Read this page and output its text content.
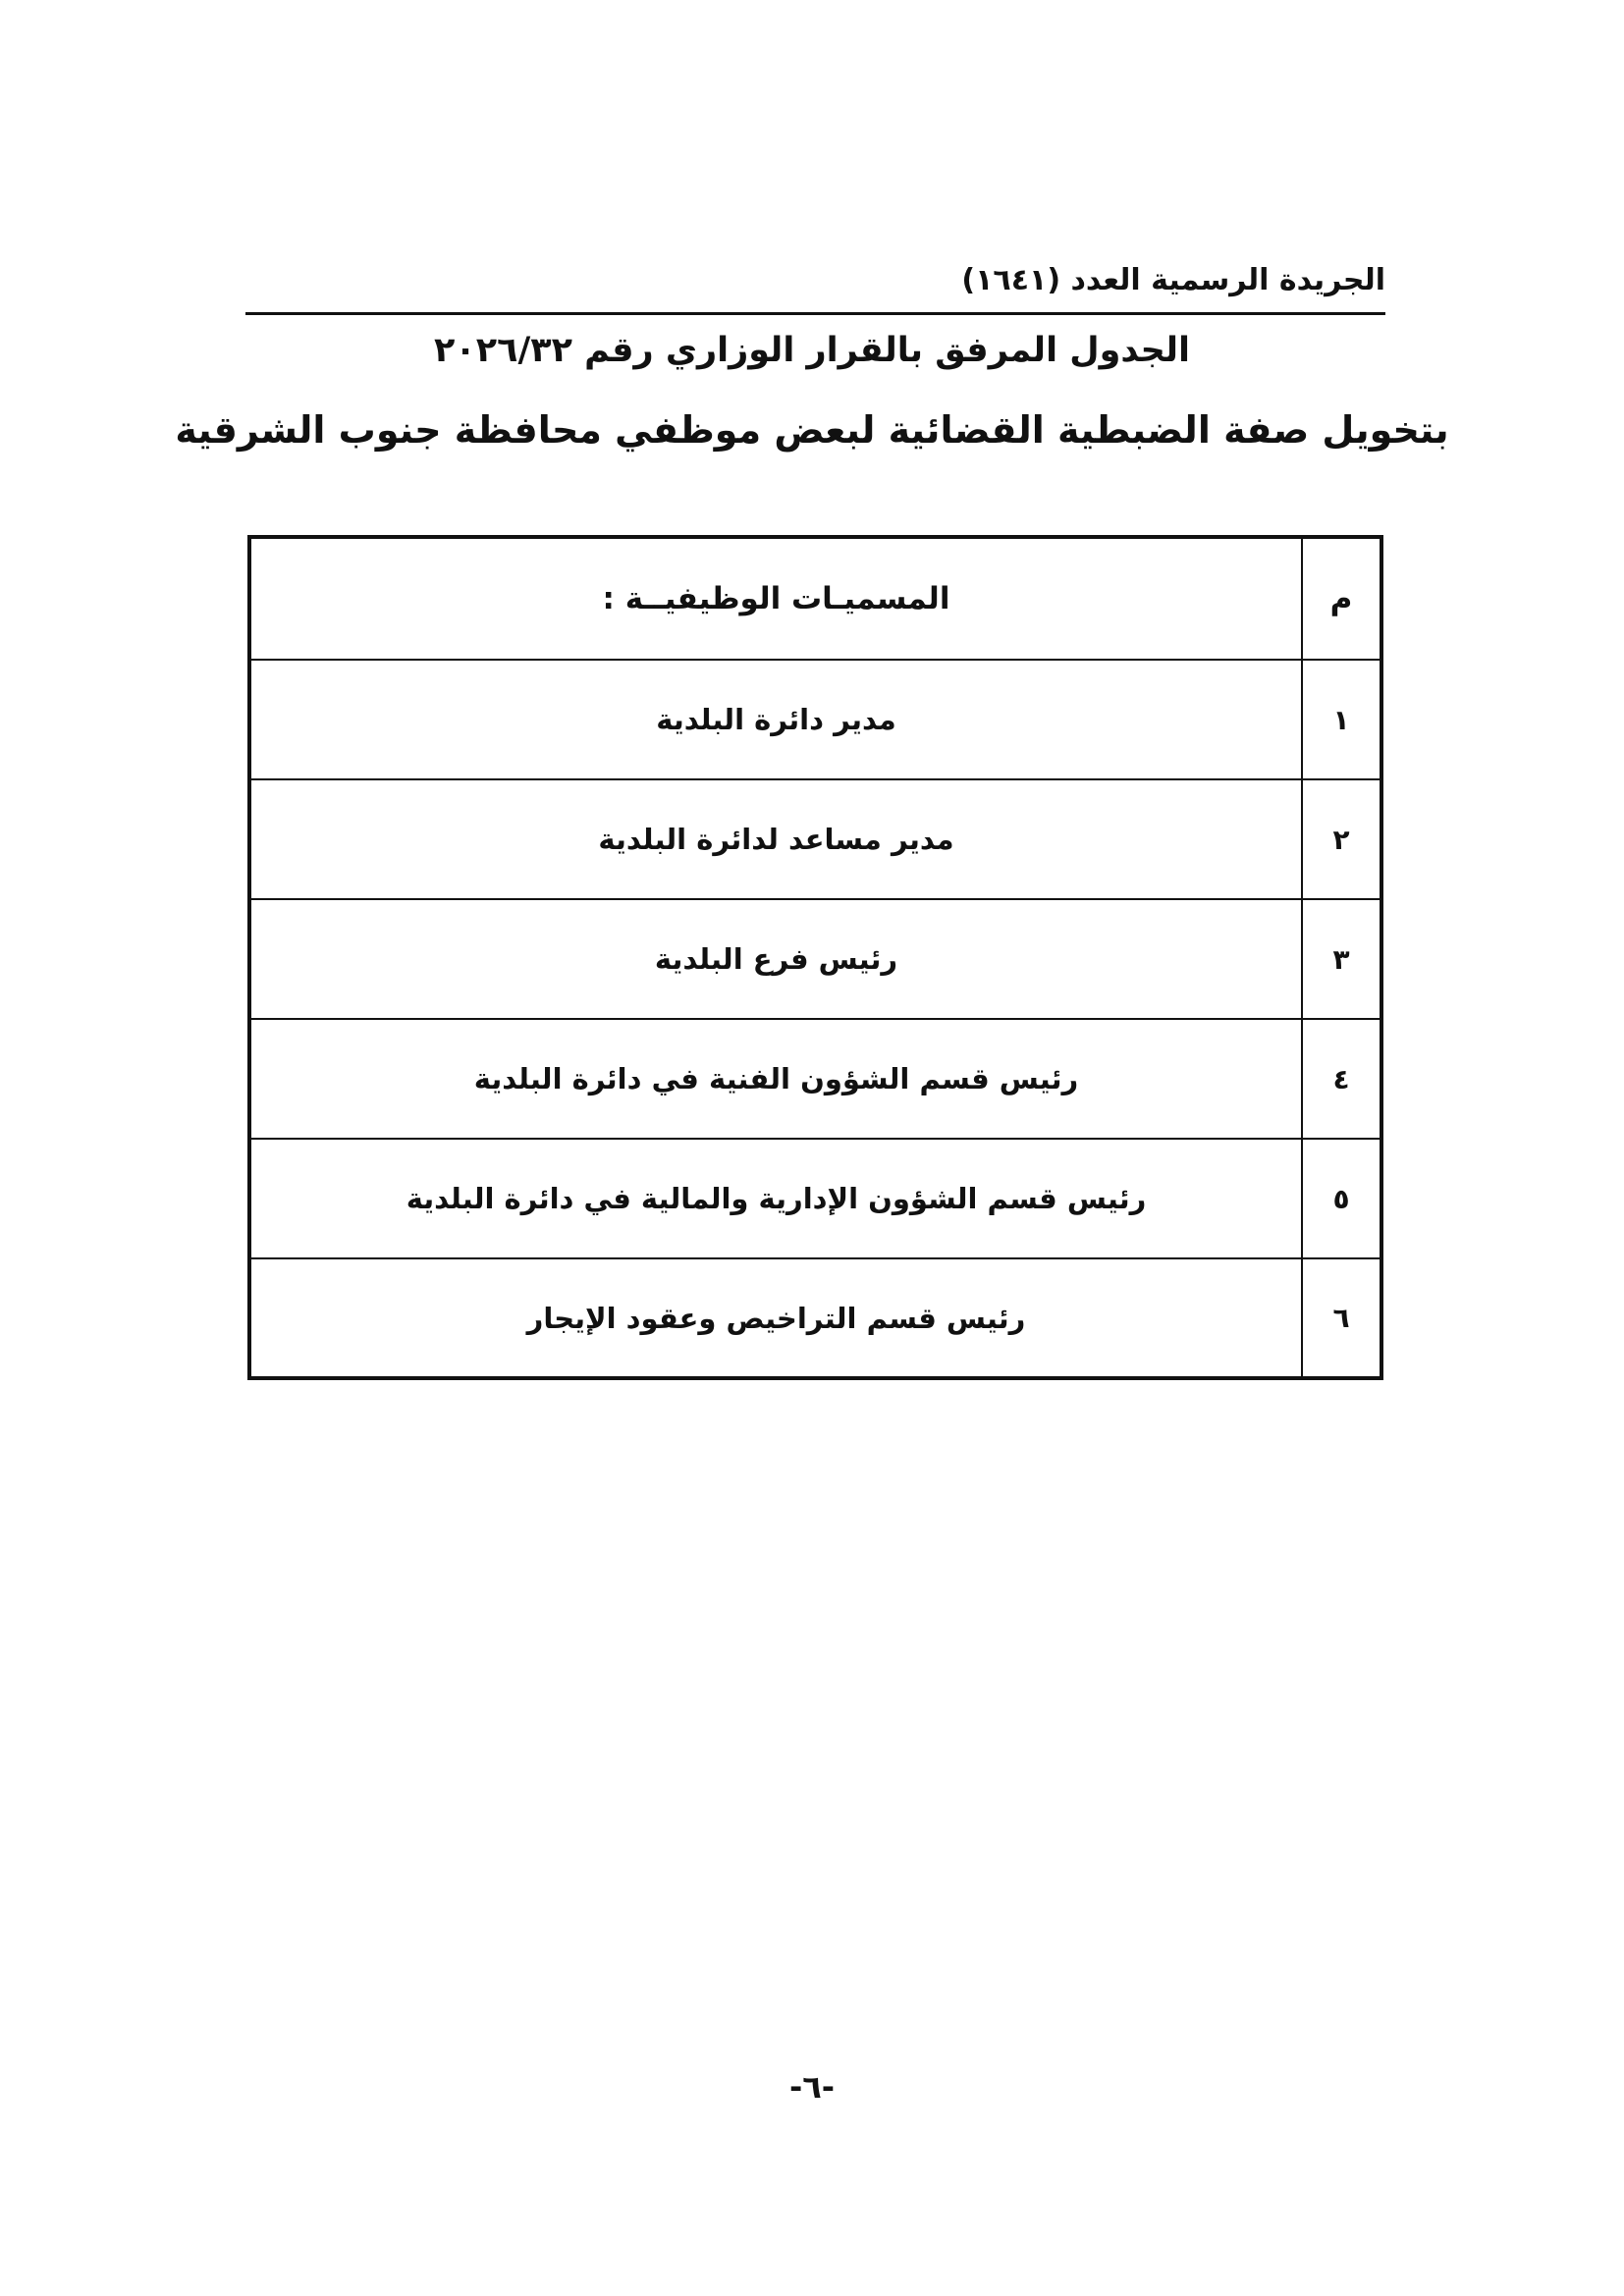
الجريدة الرسمية العدد (١٦٤١)
الجدول المرفق بالقرار الوزاري رقم ٢٠٢٦/٣٢
بتخويل صفة الضبطية القضائية لبعض موظفي محافظة جنوب الشرقية
م	المسميـات الوظيفيــة :
١	مدير دائرة البلدية
٢	مدير مساعد لدائرة البلدية
٣	رئيس فرع البلدية
٤	رئيس قسم الشؤون الفنية في دائرة البلدية
٥	رئيس قسم الشؤون الإدارية والمالية في دائرة البلدية
٦	رئيس قسم التراخيص وعقود الإيجار
-٦-
